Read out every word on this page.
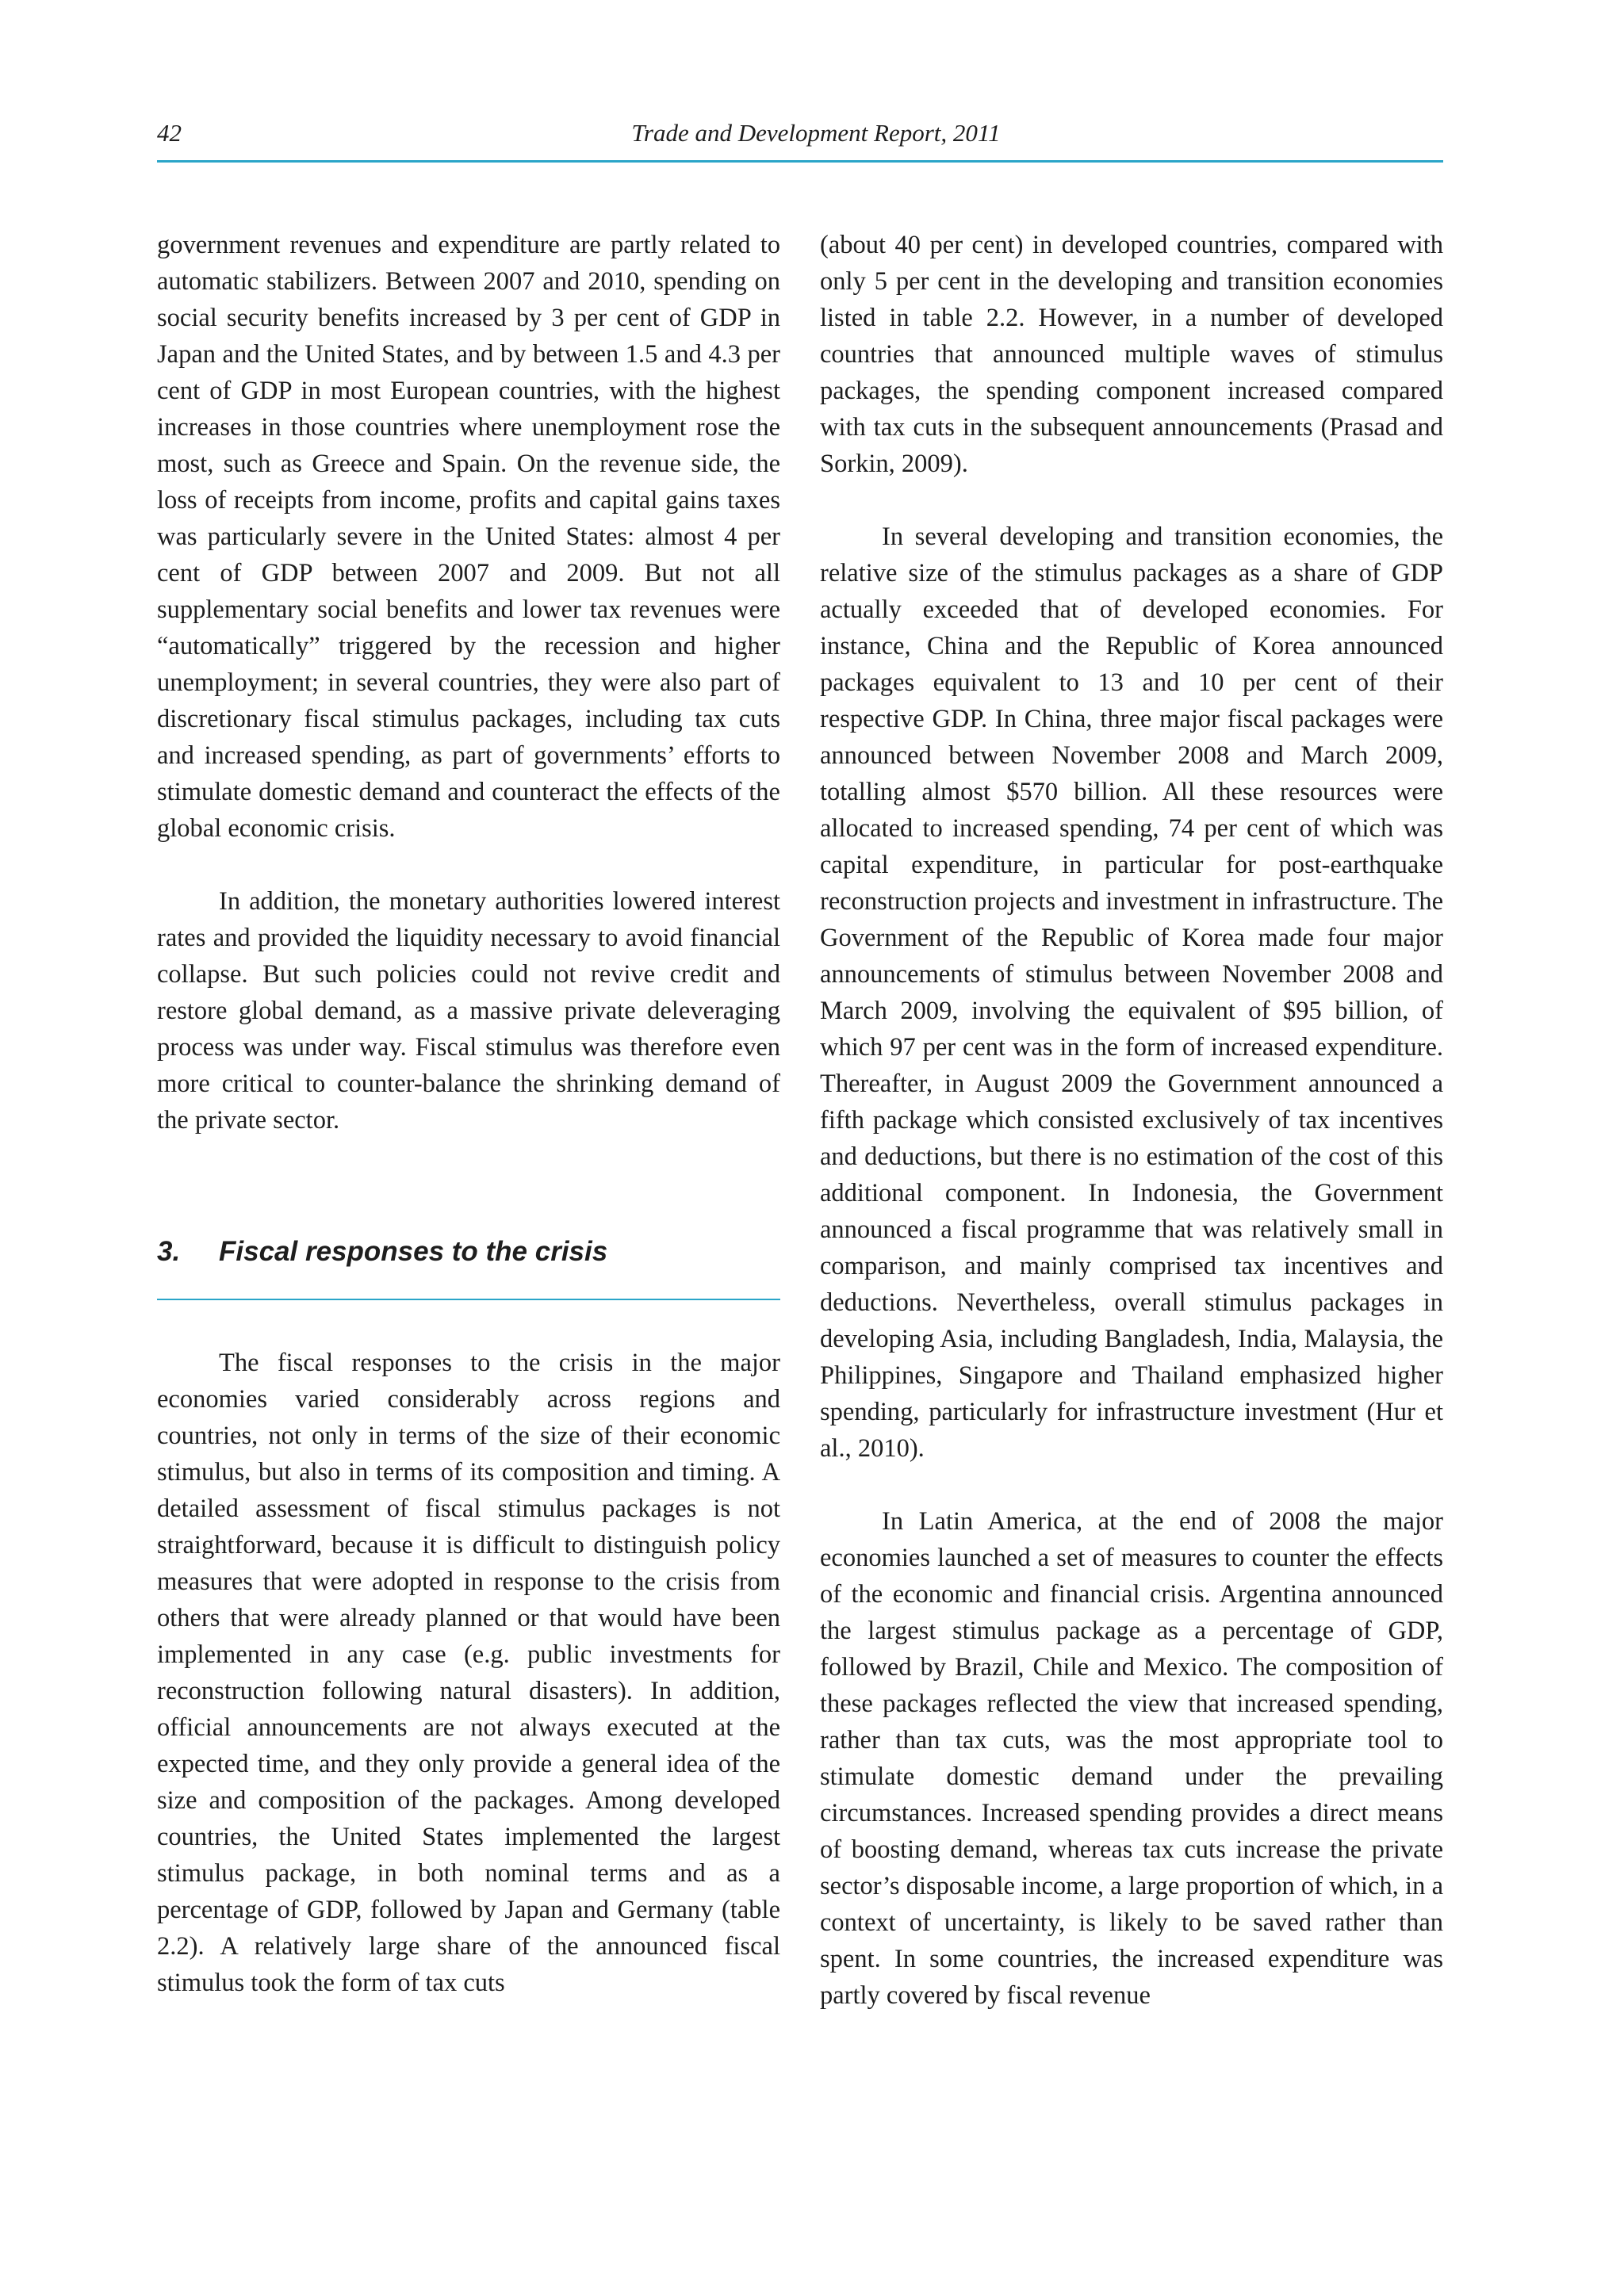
42	Trade and Development Report, 2011

government revenues and expenditure are partly related to automatic stabilizers. Between 2007 and 2010, spending on social security benefits increased by 3 per cent of GDP in Japan and the United States, and by between 1.5 and 4.3 per cent of GDP in most European countries, with the highest increases in those countries where unemployment rose the most, such as Greece and Spain. On the revenue side, the loss of receipts from income, profits and capital gains taxes was particularly severe in the United States: almost 4 per cent of GDP between 2007 and 2009. But not all supplementary social benefits and lower tax revenues were “automatically” triggered by the recession and higher unemployment; in several countries, they were also part of discretionary fiscal stimulus packages, including tax cuts and increased spending, as part of governments’ efforts to stimulate domestic demand and counteract the effects of the global economic crisis.

In addition, the monetary authorities lowered interest rates and provided the liquidity necessary to avoid financial collapse. But such policies could not revive credit and restore global demand, as a massive private deleveraging process was under way. Fiscal stimulus was therefore even more critical to counter-balance the shrinking demand of the private sector.

3.	Fiscal responses to the crisis

The fiscal responses to the crisis in the major economies varied considerably across regions and countries, not only in terms of the size of their economic stimulus, but also in terms of its composition and timing. A detailed assessment of fiscal stimulus packages is not straightforward, because it is difficult to distinguish policy measures that were adopted in response to the crisis from others that were already planned or that would have been implemented in any case (e.g. public investments for reconstruction following natural disasters). In addition, official announcements are not always executed at the expected time, and they only provide a general idea of the size and composition of the packages. Among developed countries, the United States implemented the largest stimulus package, in both nominal terms and as a percentage of GDP, followed by Japan and Germany (table 2.2). A relatively large share of the announced fiscal stimulus took the form of tax cuts

(about 40 per cent) in developed countries, compared with only 5 per cent in the developing and transition economies listed in table 2.2. However, in a number of developed countries that announced multiple waves of stimulus packages, the spending component increased compared with tax cuts in the subsequent announcements (Prasad and Sorkin, 2009).

In several developing and transition economies, the relative size of the stimulus packages as a share of GDP actually exceeded that of developed economies. For instance, China and the Republic of Korea announced packages equivalent to 13 and 10 per cent of their respective GDP. In China, three major fiscal packages were announced between November 2008 and March 2009, totalling almost $570 billion. All these resources were allocated to increased spending, 74 per cent of which was capital expenditure, in particular for post-earthquake reconstruction projects and investment in infrastructure. The Government of the Republic of Korea made four major announcements of stimulus between November 2008 and March 2009, involving the equivalent of $95 billion, of which 97 per cent was in the form of increased expenditure. Thereafter, in August 2009 the Government announced a fifth package which consisted exclusively of tax incentives and deductions, but there is no estimation of the cost of this additional component. In Indonesia, the Government announced a fiscal programme that was relatively small in comparison, and mainly comprised tax incentives and deductions. Nevertheless, overall stimulus packages in developing Asia, including Bangladesh, India, Malaysia, the Philippines, Singapore and Thailand emphasized higher spending, particularly for infrastructure investment (Hur et al., 2010).

In Latin America, at the end of 2008 the major economies launched a set of measures to counter the effects of the economic and financial crisis. Argentina announced the largest stimulus package as a percentage of GDP, followed by Brazil, Chile and Mexico. The composition of these packages reflected the view that increased spending, rather than tax cuts, was the most appropriate tool to stimulate domestic demand under the prevailing circumstances. Increased spending provides a direct means of boosting demand, whereas tax cuts increase the private sector’s disposable income, a large proportion of which, in a context of uncertainty, is likely to be saved rather than spent. In some countries, the increased expenditure was partly covered by fiscal revenue
